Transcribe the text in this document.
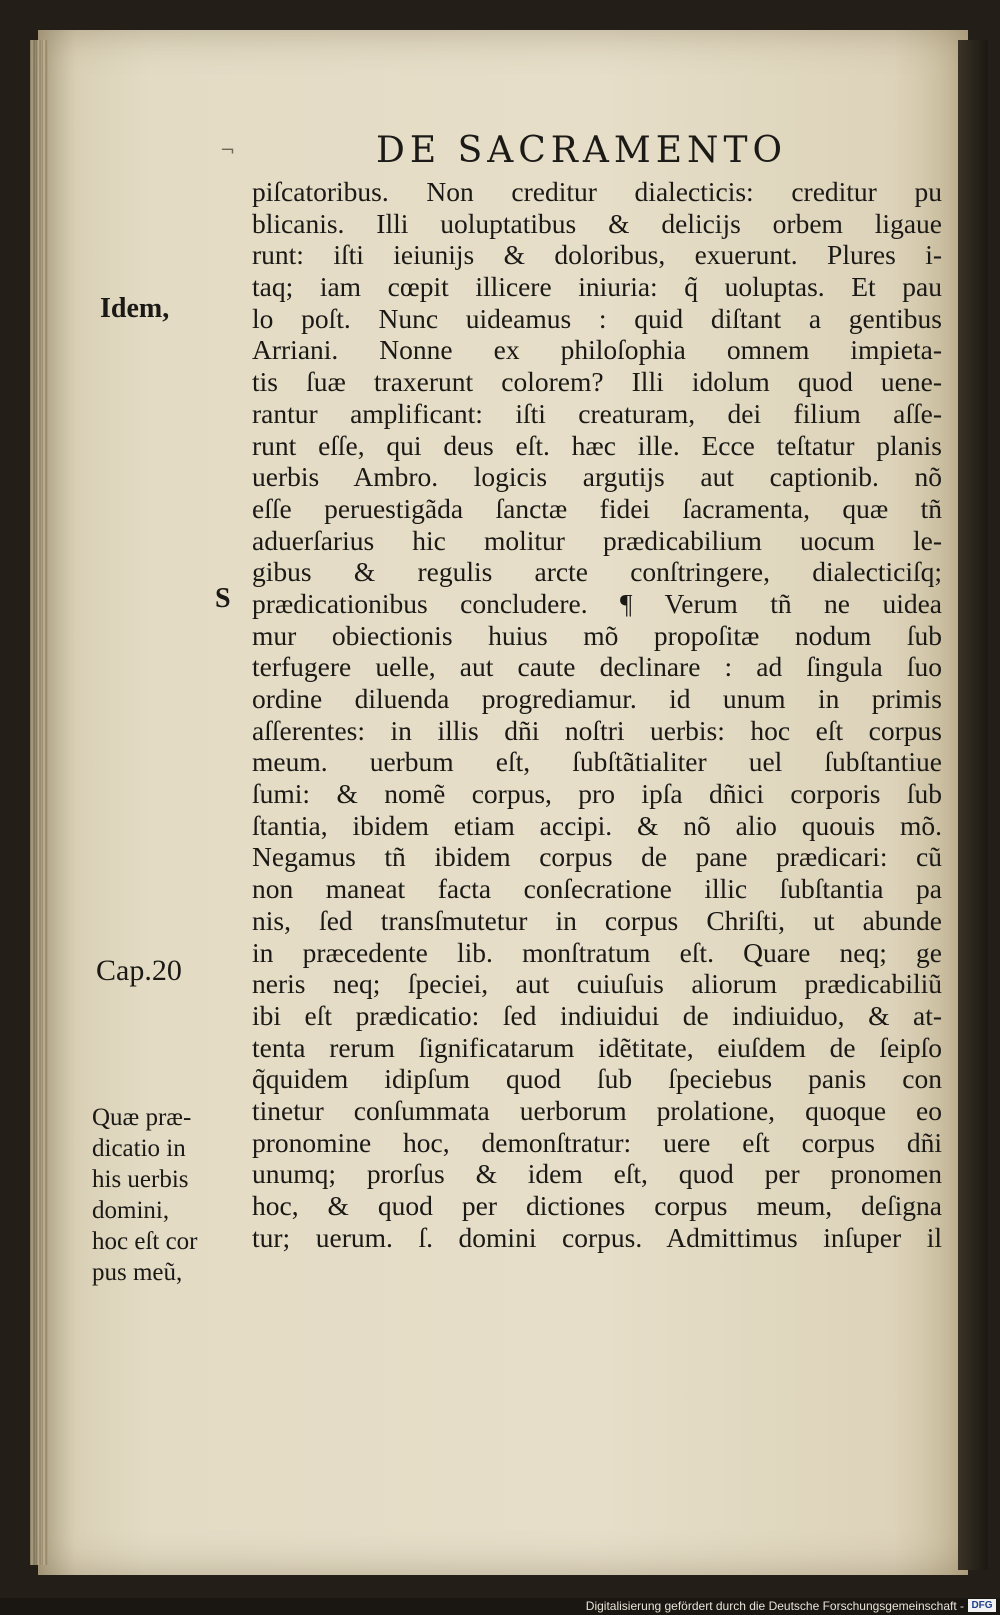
¬	DE SACRAMENTO
piſcatoribus. Non creditur dialecticis: creditur pu
blicanis. Illi uoluptatibus & delicijs orbem ligaue
runt: iſti ieiunijs & doloribus, exuerunt. Plures i-
taq; iam cœpit illicere iniuria: q̃ uoluptas. Et pau
lo poſt. Nunc uideamus : quid diſtant a gentibus
Arriani. Nonne ex philoſophia omnem impieta-
tis ſuæ traxerunt colorem? Illi idolum quod uene-
rantur amplificant: iſti creaturam, dei filium aſſe-
runt eſſe, qui deus eſt. hæc ille. Ecce teſtatur planis
uerbis Ambro. logicis argutijs aut captionib. nõ
eſſe peruestigãda ſanctæ fidei ſacramenta, quæ tñ
aduerſarius hic molitur prædicabilium uocum le-
gibus & regulis arcte conſtringere, dialecticiſq;
prædicationibus concludere. ¶ Verum tñ ne uidea
mur obiectionis huius mõ propoſitæ nodum ſub
terfugere uelle, aut caute declinare : ad ſingula ſuo
ordine diluenda progrediamur. id unum in primis
aſſerentes: in illis dñi noſtri uerbis: hoc eſt corpus
meum. uerbum eſt, ſubſtãtialiter uel ſubſtantiue
ſumi: & nomẽ corpus, pro ipſa dñici corporis ſub
ſtantia, ibidem etiam accipi. & nõ alio quouis mõ.
Negamus tñ ibidem corpus de pane prædicari: cũ
non maneat facta conſecratione illic ſubſtantia pa
nis, ſed transſmutetur in corpus Chriſti, ut abunde
in præcedente lib. monſtratum eſt. Quare neq; ge
neris neq; ſpeciei, aut cuiuſuis aliorum prædicabiliũ
ibi eſt prædicatio: ſed indiuidui de indiuiduo, & at-
tenta rerum ſignificatarum idẽtitate, eiuſdem de ſeipſo
q̃quidem idipſum quod ſub ſpeciebus panis con
tinetur conſummata uerborum prolatione, quoque eo
pronomine hoc, demonſtratur: uere eſt corpus dñi
unumq; prorſus & idem eſt, quod per pronomen
hoc, & quod per dictiones corpus meum, deſigna
tur; uerum. ſ. domini corpus. Admittimus inſuper il
Idem,
S
Cap.20
Quæ præ-
dicatio in
his uerbis
domini,
hoc eſt cor
pus meũ,
Digitalisierung gefördert durch die Deutsche Forschungsgemeinschaft - DFG
